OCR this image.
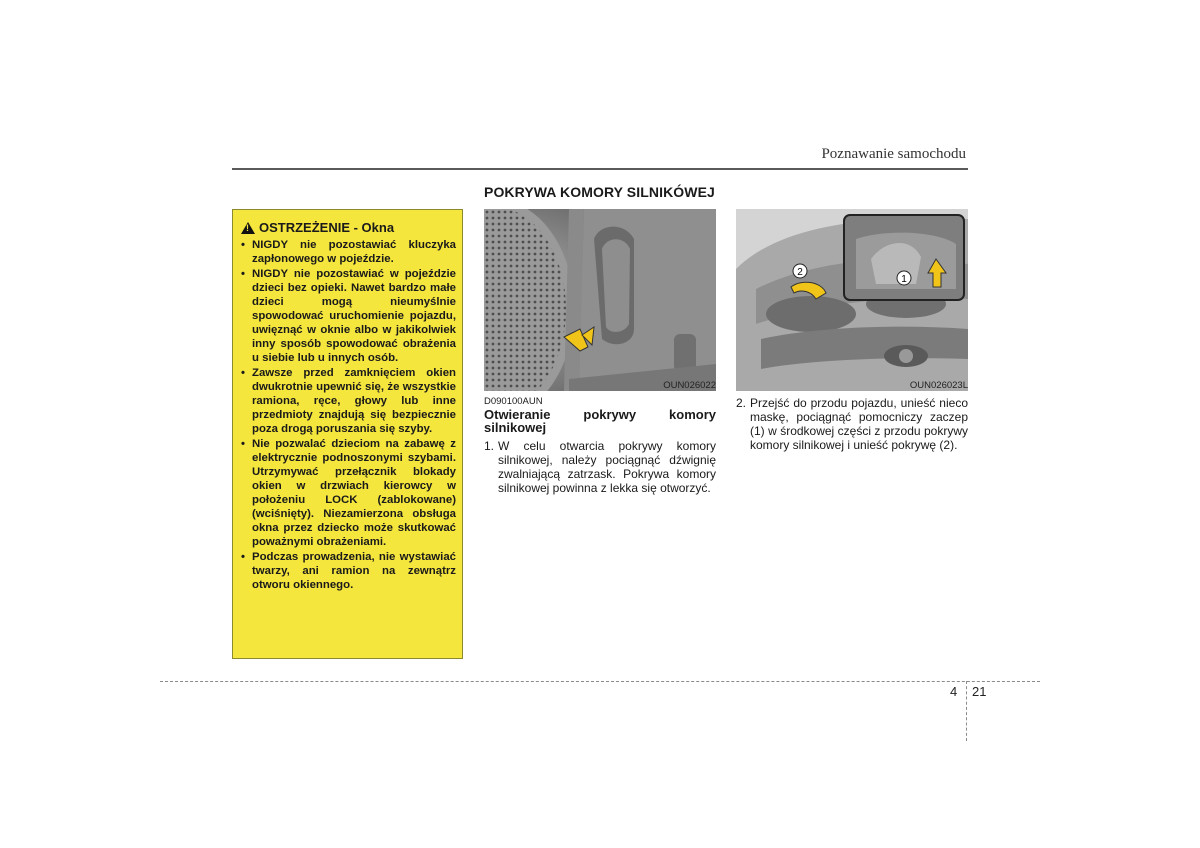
Poznawanie samochodu
POKRYWA KOMORY SILNIKÓWEJ
!
OSTRZEŻENIE - Okna
• NIGDY nie pozostawiać kluczyka zapłonowego w pojeździe.
• NIGDY nie pozostawiać w pojeździe dzieci bez opieki. Nawet bardzo małe dzieci mogą nieumyślnie spowodować uruchomienie pojazdu, uwięznąć w oknie albo w jakikolwiek inny sposób spowodować obrażenia u siebie lub u innych osób.
• Zawsze przed zamknięciem okien dwukrotnie upewnić się, że wszystkie ramiona, ręce, głowy lub inne przedmioty znajdują się bezpiecznie poza drogą poruszania się szyby.
• Nie pozwalać dzieciom na zabawę z elektrycznie podnoszonymi szybami. Utrzymywać przełącznik blokady okien w drzwiach kierowcy w położeniu LOCK (zablokowane) (wciśnięty). Niezamierzona obsługa okna przez dziecko może skutkować poważnymi obrażeniami.
• Podczas prowadzenia, nie wystawiać twarzy, ani ramion na zewnątrz otworu okiennego.
OUN026022
1
2
OUN026023L
D090100AUN
Otwieranie pokrywy komory silnikowej
1. W celu otwarcia pokrywy komory silnikowej, należy pociągnąć dźwignię zwalniającą zatrzask. Pokrywa komory silnikowej powinna z lekka się otworzyć.
2. Przejść do przodu pojazdu, unieść nieco maskę, pociągnąć pomocniczy zaczep (1) w środkowej części z przodu pokrywy komory silnikowej i unieść pokrywę (2).
4 21
